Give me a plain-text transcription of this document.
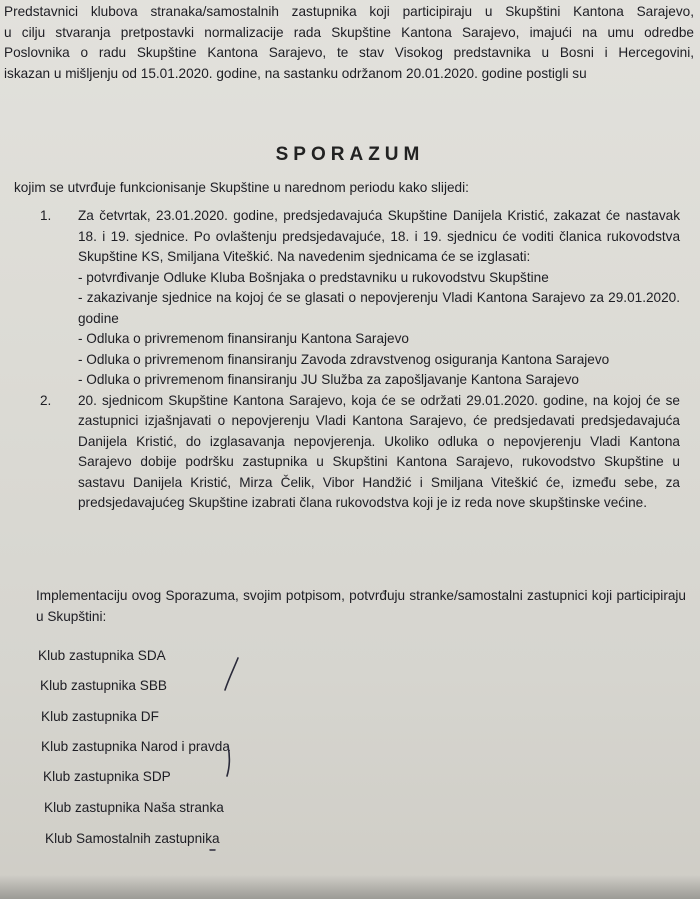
Predstavnici klubova stranaka/samostalnih zastupnika koji participiraju u Skupštini Kantona Sarajevo,

u cilju stvaranja pretpostavki normalizacije rada Skupštine Kantona Sarajevo, imajući na umu odredbe

Poslovnika o radu Skupštine Kantona Sarajevo, te stav Visokog predstavnika u Bosni i Hercegovini,

iskazan u mišljenju od 15.01.2020. godine, na sastanku održanom 20.01.2020. godine postigli su

SPORAZUM
kojim se utvrđuje funkcionisanje Skupštine u narednom periodu kako slijedi:
1.	Za četvrtak, 23.01.2020. godine, predsjedavajuća Skupštine Danijela Kristić, zakazat će nastavak 18. i 19. sjednice. Po ovlaštenju predsjedavajuće, 18. i 19. sjednicu će voditi članica rukovodstva Skupštine KS, Smiljana Viteškić. Na navedenim sjednicama će se izglasati:

- potvrđivanje Odluke Kluba Bošnjaka o predstavniku u rukovodstvu Skupštine

- zakazivanje sjednice na kojoj će se glasati o nepovjerenju Vladi Kantona Sarajevo za 29.01.2020. godine

- Odluka o privremenom finansiranju Kantona Sarajevo

- Odluka o privremenom finansiranju Zavoda zdravstvenog osiguranja Kantona Sarajevo

- Odluka o privremenom finansiranju JU Služba za zapošljavanje Kantona Sarajevo

2.	20. sjednicom Skupštine Kantona Sarajevo, koja će se održati 29.01.2020. godine, na kojoj će se zastupnici izjašnjavati o nepovjerenju Vladi Kantona Sarajevo, će predsjedavati predsjedavajuća Danijela Kristić, do izglasavanja nepovjerenja. Ukoliko odluka o nepovjerenju Vladi Kantona Sarajevo dobije podršku zastupnika u Skupštini Kantona Sarajevo, rukovodstvo Skupštine u sastavu Danijela Kristić, Mirza Čelik, Vibor Handžić i Smiljana Viteškić će, između sebe, za predsjedavajućeg Skupštine izabrati člana rukovodstva koji je iz reda nove skupštinske većine.

Implementaciju ovog Sporazuma, svojim potpisom, potvrđuju stranke/samostalni zastupnici koji participiraju u Skupštini:

Klub zastupnika SDA
Klub zastupnika SBB
Klub zastupnika DF
Klub zastupnika Narod i pravda
Klub zastupnika SDP
Klub zastupnika Naša stranka
Klub Samostalnih zastupnika
